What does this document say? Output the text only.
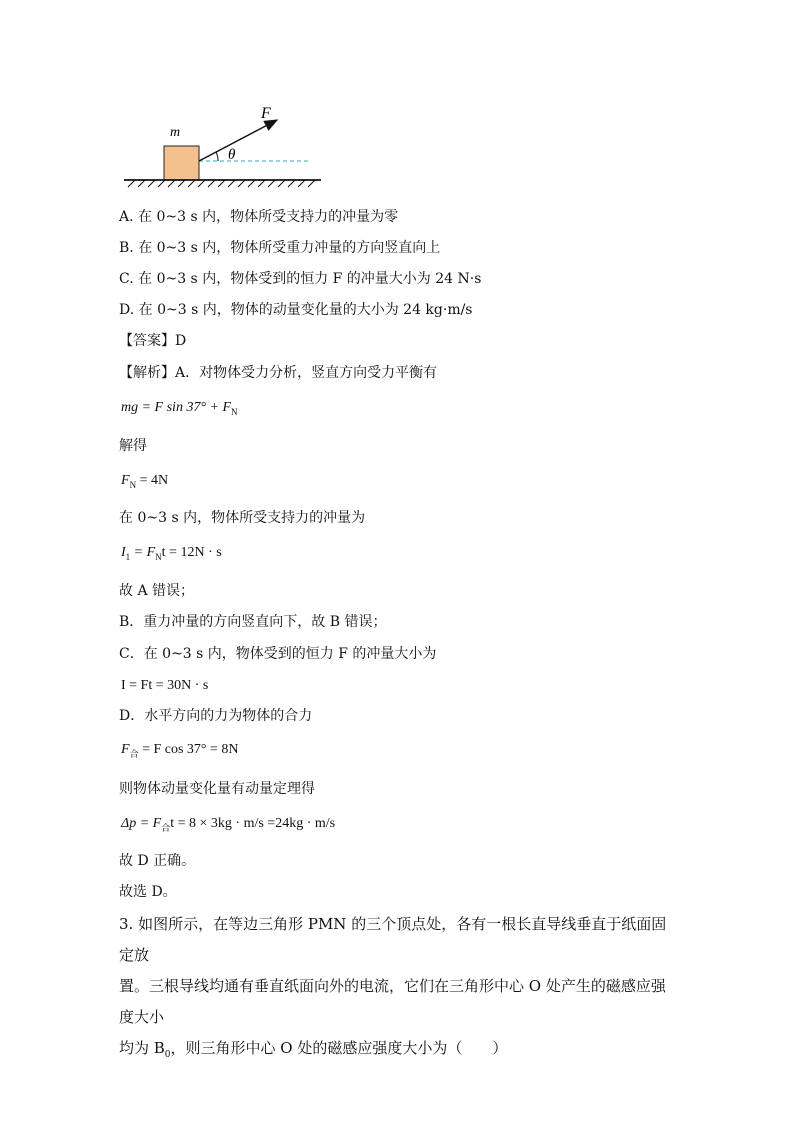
m
F
θ
A. 在 0~3 s 内，物体所受支持力的冲量为零
B. 在 0~3 s 内，物体所受重力冲量的方向竖直向上
C. 在 0~3 s 内，物体受到的恒力 F 的冲量大小为 24 N·s
D. 在 0~3 s 内，物体的动量变化量的大小为 24 kg·m/s
【答案】D
【解析】A．对物体受力分析，竖直方向受力平衡有
mg = F $\sin 37^\circ + F_N$
解得
$F_N = 4N$
在 0~3 s 内，物体所受支持力的冲量为
$I_1 = F_Nt = 12N \cdot s$
故 A 错误；
B．重力冲量的方向竖直向下，故 B 错误；
C．在 0~3 s 内，物体受到的恒力 F 的冲量大小为
I = Ft = 30N · s
D．水平方向的力为物体的合力
$F_合 = F$ cos 37° = 8N
则物体动量变化量有动量定理得
$\Delta p = F_合t = 8 \times 3kg \cdot m/s =24kg \cdot m/s$
故 D 正确。
故选 D。
3. 如图所示，在等边三角形 PMN 的三个顶点处，各有一根长直导线垂直于纸面固定放
置。三根导线均通有垂直纸面向外的电流，它们在三角形中心 O 处产生的磁感应强度大小
均为 $B_0$，则三角形中心 O 处的磁感应强度大小为（　　）
